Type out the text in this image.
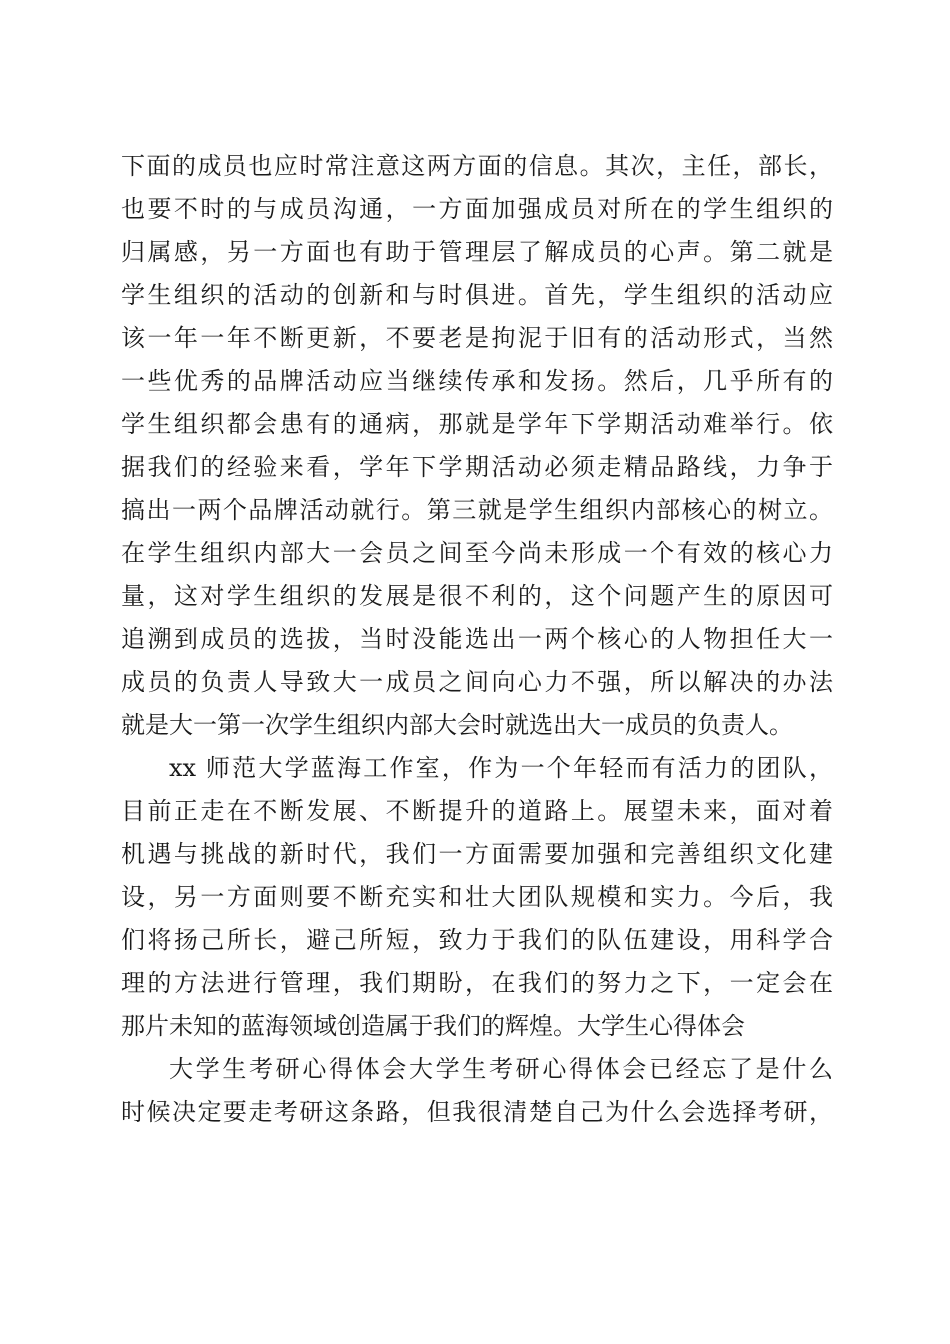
下面的成员也应时常注意这两方面的信息。其次，主任，部长，
也要不时的与成员沟通，一方面加强成员对所在的学生组织的
归属感，另一方面也有助于管理层了解成员的心声。第二就是
学生组织的活动的创新和与时俱进。首先，学生组织的活动应
该一年一年不断更新，不要老是拘泥于旧有的活动形式，当然
一些优秀的品牌活动应当继续传承和发扬。然后，几乎所有的
学生组织都会患有的通病，那就是学年下学期活动难举行。依
据我们的经验来看，学年下学期活动必须走精品路线，力争于
搞出一两个品牌活动就行。第三就是学生组织内部核心的树立。
在学生组织内部大一会员之间至今尚未形成一个有效的核心力
量，这对学生组织的发展是很不利的，这个问题产生的原因可
追溯到成员的选拔，当时没能选出一两个核心的人物担任大一
成员的负责人导致大一成员之间向心力不强，所以解决的办法
就是大一第一次学生组织内部大会时就选出大一成员的负责人。
xx 师范大学蓝海工作室，作为一个年轻而有活力的团队，
目前正走在不断发展、不断提升的道路上。展望未来，面对着
机遇与挑战的新时代，我们一方面需要加强和完善组织文化建
设，另一方面则要不断充实和壮大团队规模和实力。今后，我
们将扬己所长，避己所短，致力于我们的队伍建设，用科学合
理的方法进行管理，我们期盼，在我们的努力之下，一定会在
那片未知的蓝海领域创造属于我们的辉煌。大学生心得体会
大学生考研心得体会大学生考研心得体会已经忘了是什么
时候决定要走考研这条路，但我很清楚自己为什么会选择考研，
